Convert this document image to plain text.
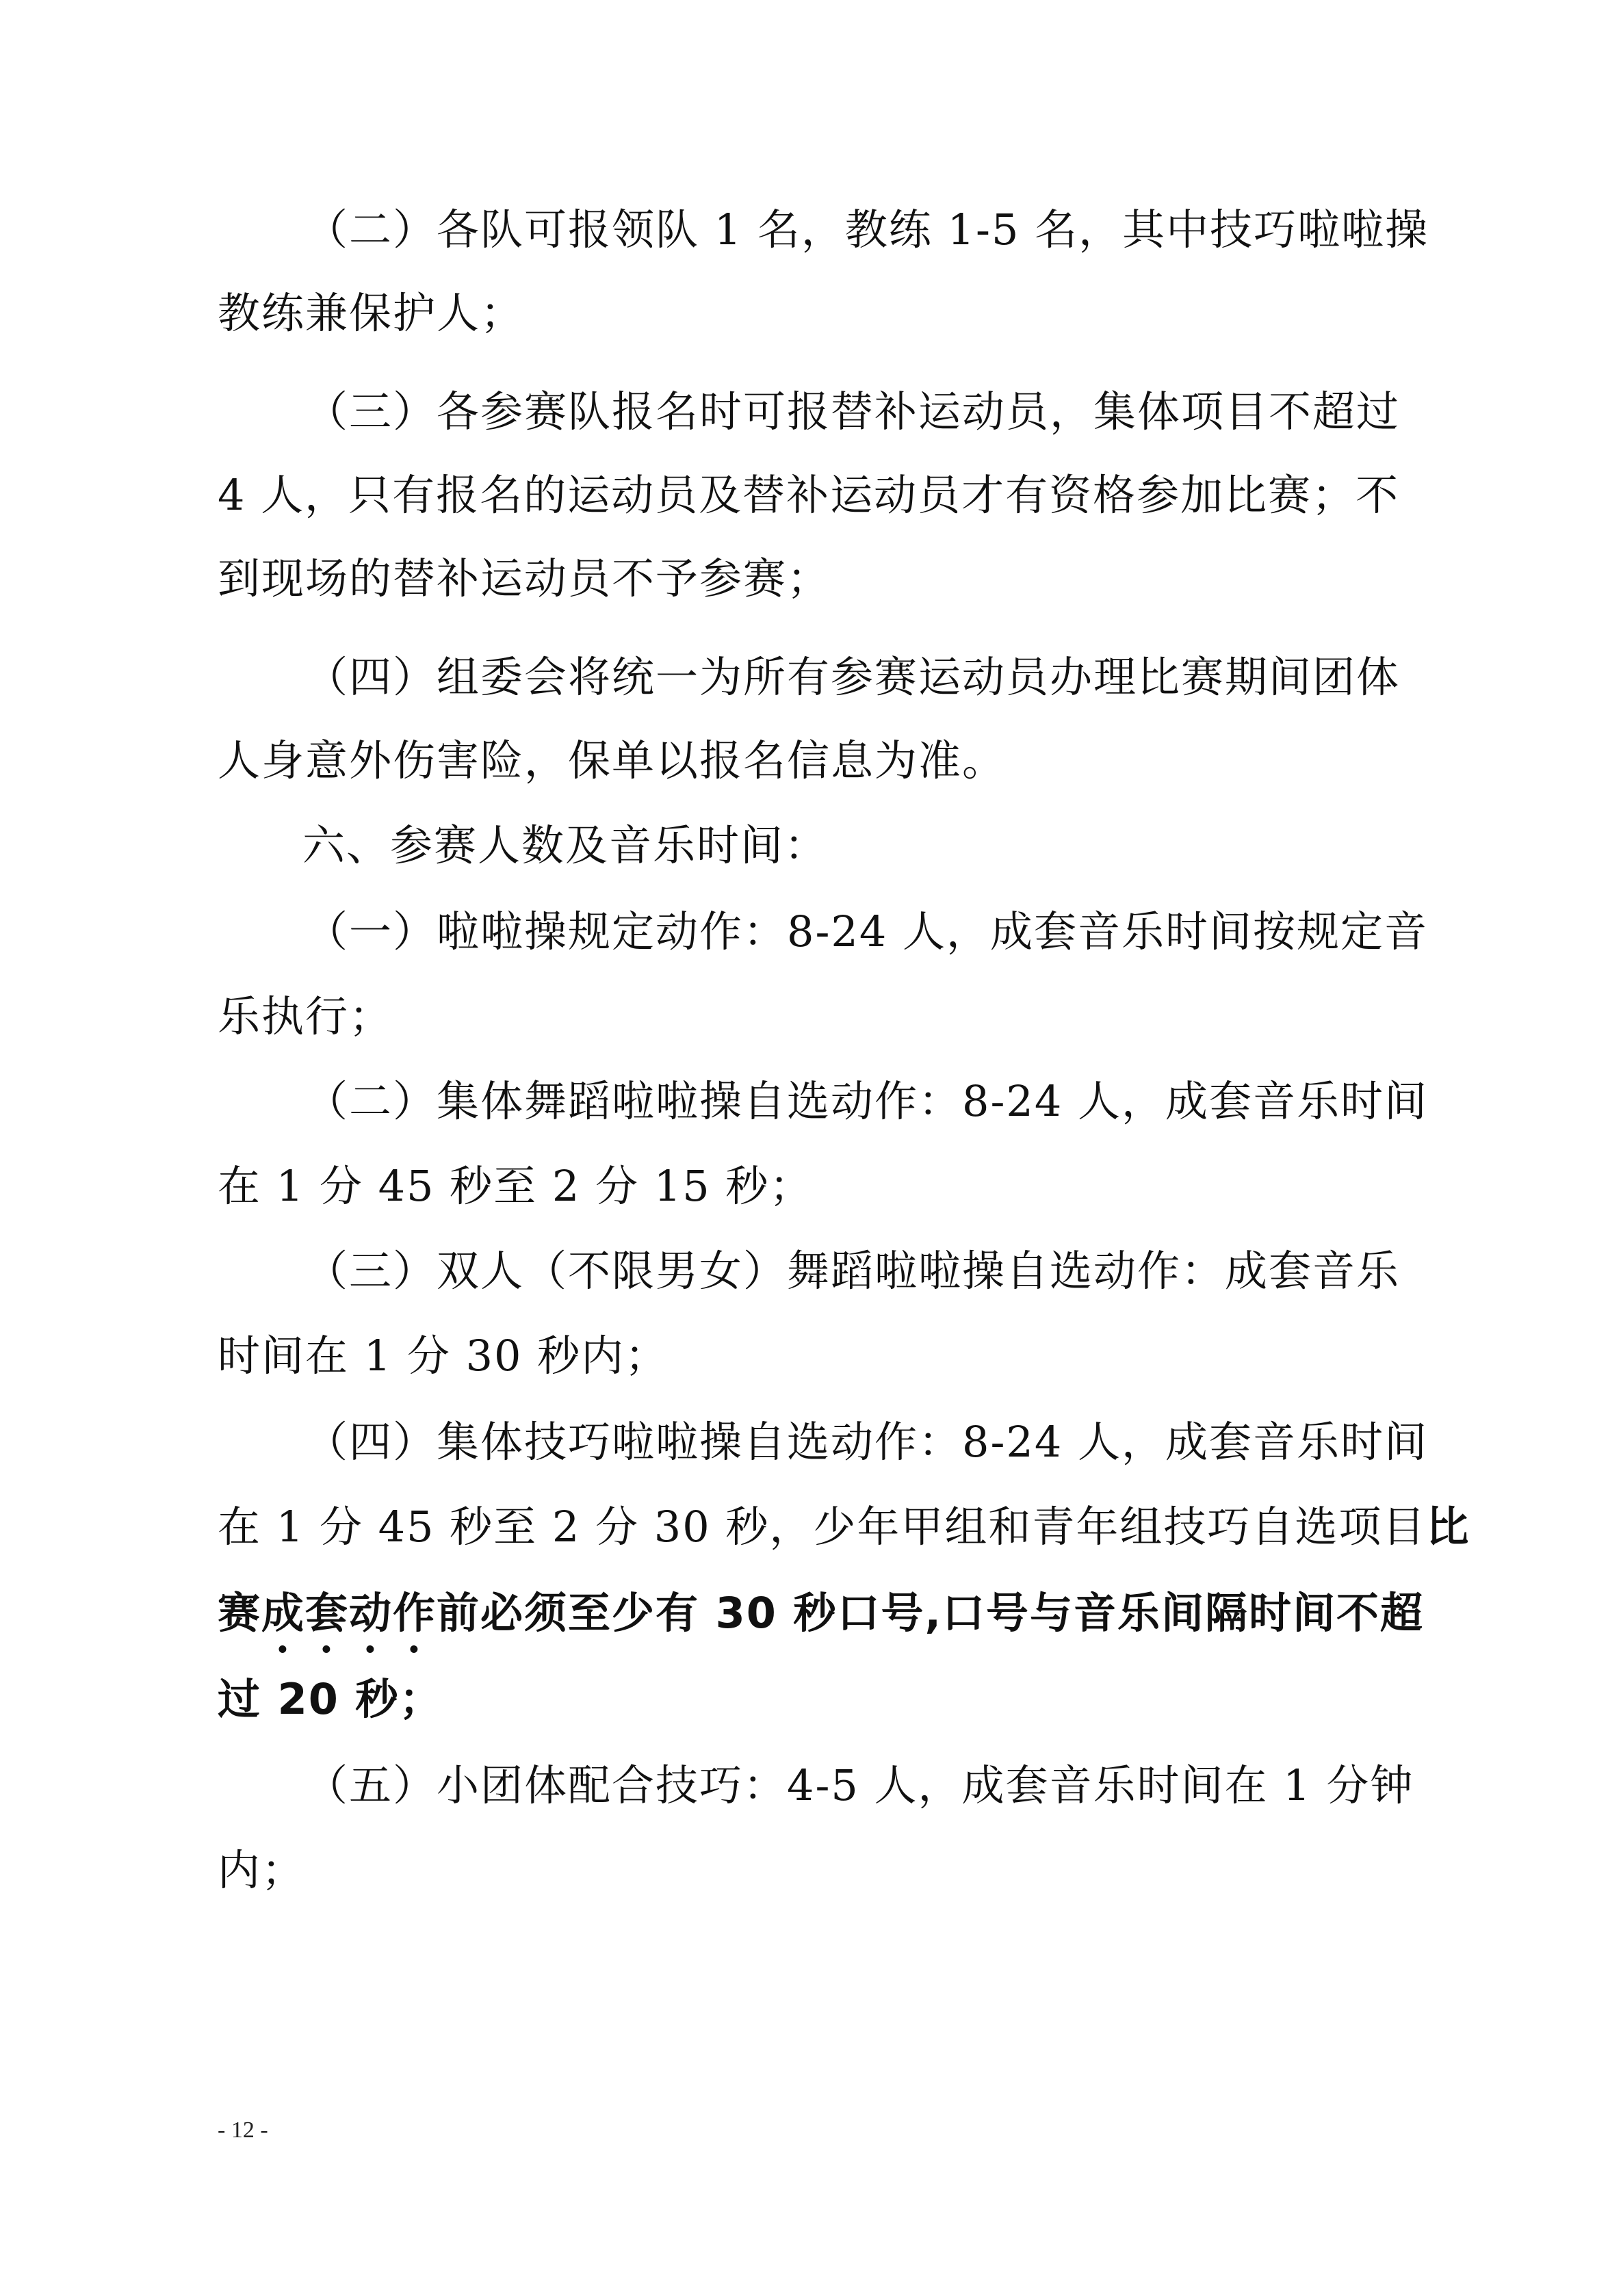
（二）各队可报领队 1 名，教练 1-5 名，其中技巧啦啦操
教练兼保护人；
（三）各参赛队报名时可报替补运动员，集体项目不超过
4 人，只有报名的运动员及替补运动员才有资格参加比赛；不
到现场的替补运动员不予参赛；
（四）组委会将统一为所有参赛运动员办理比赛期间团体
人身意外伤害险，保单以报名信息为准。
六、参赛人数及音乐时间：
（一）啦啦操规定动作：8-24 人，成套音乐时间按规定音
乐执行；
（二）集体舞蹈啦啦操自选动作：8-24 人，成套音乐时间
在 1 分 45 秒至 2 分 15 秒；
（三）双人（不限男女）舞蹈啦啦操自选动作：成套音乐
时间在 1 分 30 秒内；
（四）集体技巧啦啦操自选动作：8-24 人，成套音乐时间
在 1 分 45 秒至 2 分 30 秒，少年甲组和青年组技巧自选项目比
赛成套动作前必须至少有 30 秒口号,口号与音乐间隔时间不超
过 20 秒；
（五）小团体配合技巧：4-5 人，成套音乐时间在 1 分钟
内；
- 12 -
